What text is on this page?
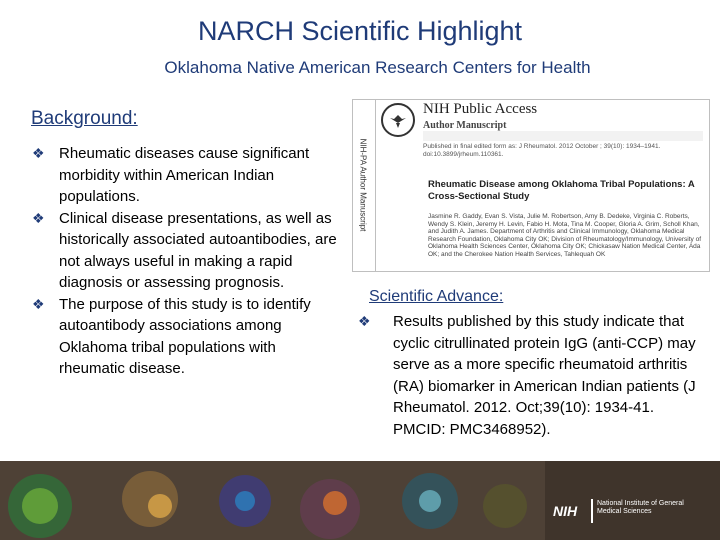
NARCH Scientific Highlight
Oklahoma Native American Research Centers for Health
Background:

❖ Rheumatic diseases cause significant morbidity within American Indian populations.

❖ Clinical disease presentations, as well as historically associated autoantibodies, are not always useful in making a rapid diagnosis or assessing prognosis.

❖ The purpose of this study is to identify autoantibody associations among Oklahoma tribal populations with rheumatic disease.

NIH-PA Author Manuscript
NIH Public Access
Author Manuscript
Published in final edited form as: J Rheumatol. 2012 October ; 39(10): 1934–1941. doi:10.3899/jrheum.110361.
Rheumatic Disease among Oklahoma Tribal Populations: A Cross-Sectional Study
Jasmine R. Gaddy, Evan S. Vista, Julie M. Robertson, Amy B. Dedeke, Virginia C. Roberts, Wendy S. Klein, Jeremy H. Levin, Fabio H. Mota, Tina M. Cooper, Gloria A. Grim, Scholl Khan, and Judith A. James. Department of Arthritis and Clinical Immunology, Oklahoma Medical Research Foundation, Oklahoma City OK; Division of Rheumatology/Immunology, University of Oklahoma Health Sciences Center, Oklahoma City OK; Chickasaw Nation Medical Center, Ada OK; and the Cherokee Nation Health Services, Tahlequah OK
Scientific Advance:

❖ Results published by this study indicate that cyclic citrullinated protein IgG (anti-CCP) may serve as a more specific rheumatoid arthritis (RA) biomarker in American Indian patients (J Rheumatol. 2012. Oct;39(10): 1934-41. PMCID: PMC3468952).

NIH	National Institute of General Medical Sciences
